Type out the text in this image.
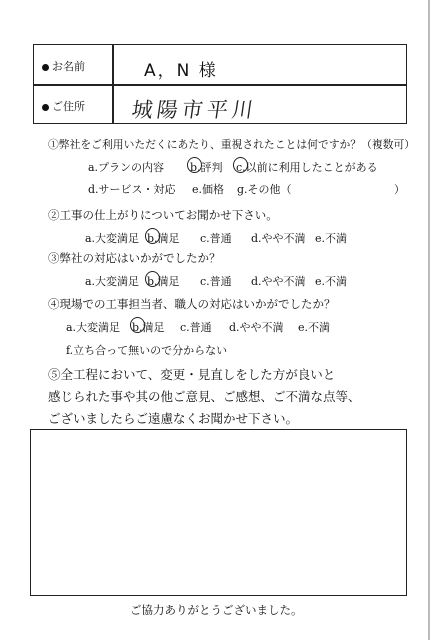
お名前	A，N 様
ご住所 城陽市平川
①弊社をご利用いただくにあたり、重視されたことは何ですか？（複数可）
a.プランの内容 b.評判 c.以前に利用したことがある
d.サービス・対応 e.価格 g.その他（	）
②工事の仕上がりについてお聞かせ下さい。
a.大変満足 b.満足 c.普通 d.やや不満 e.不満
③弊社の対応はいかがでしたか？
a.大変満足 b.満足 c.普通 d.やや不満 e.不満
④現場での工事担当者、職人の対応はいかがでしたか？
a.大変満足 b.満足 c.普通 d.やや不満 e.不満
f.立ち合って無いので分からない
⑤全工程において、変更・見直しをした方が良いと
感じられた事や其の他ご意見、ご感想、ご不満な点等、
ございましたらご遠慮なくお聞かせ下さい。
ご協力ありがとうございました。
